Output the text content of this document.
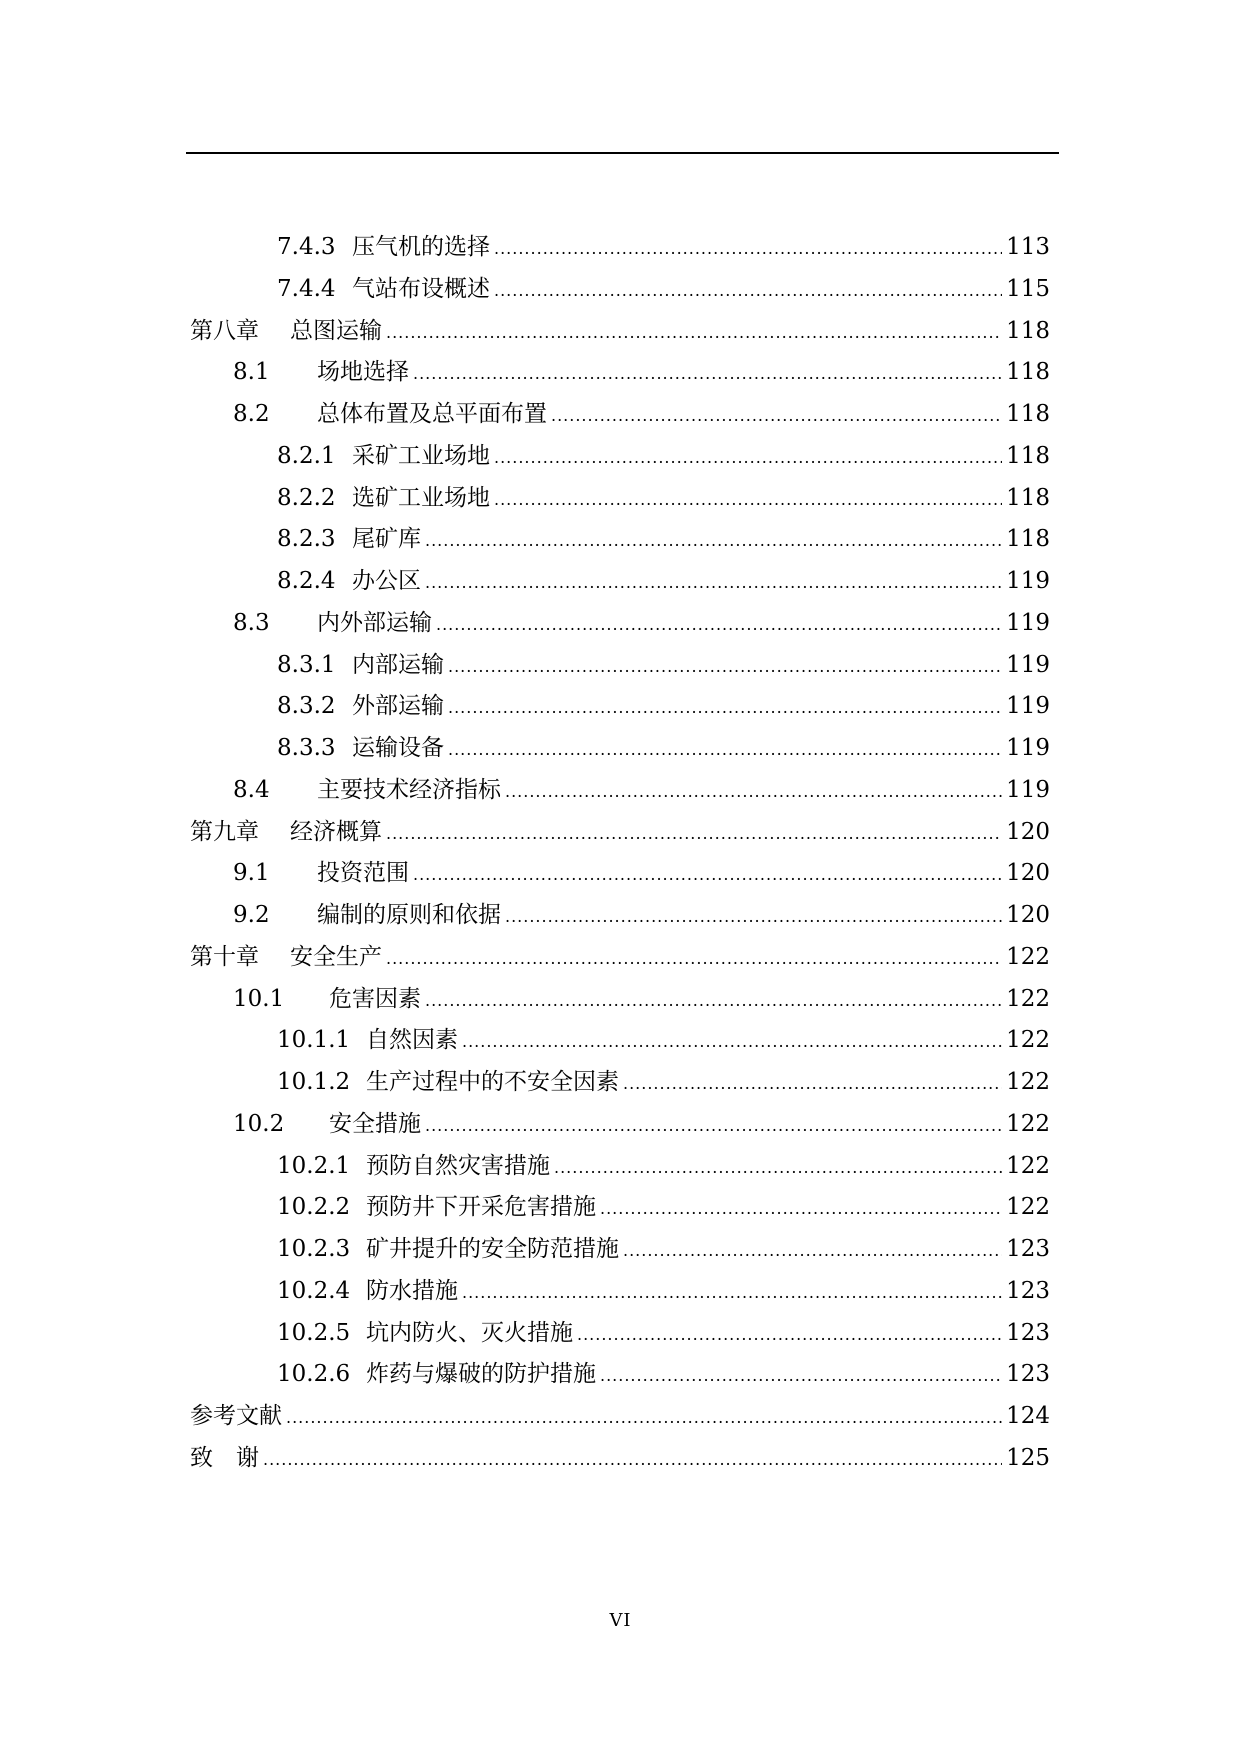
7.4.3 压气机的选择 .....	113
7.4.4 气站布设概述 .....	115
第八章	总图运输 .....	118
8.1	场地选择 .....	118
8.2	总体布置及总平面布置 .....	118
8.2.1 采矿工业场地 .....	118
8.2.2 选矿工业场地 .....	118
8.2.3 尾矿库 .....	118
8.2.4 办公区 .....	119
8.3	内外部运输 .....	119
8.3.1 内部运输 .....	119
8.3.2 外部运输 .....	119
8.3.3 运输设备 .....	119
8.4	主要技术经济指标 .....	119
第九章	经济概算 .....	120
9.1	投资范围 .....	120
9.2	编制的原则和依据 .....	120
第十章	安全生产 .....	122
10.1	危害因素 .....	122
10.1.1 自然因素 .....	122
10.1.2 生产过程中的不安全因素 .....	122
10.2	安全措施 .....	122
10.2.1 预防自然灾害措施 .....	122
10.2.2 预防井下开采危害措施 .....	122
10.2.3 矿井提升的安全防范措施 .....	123
10.2.4 防水措施 .....	123
10.2.5 坑内防火、灭火措施 .....	123
10.2.6 炸药与爆破的防护措施 .....	123
参考文献 .....	124
致　谢 .....	125
VI
